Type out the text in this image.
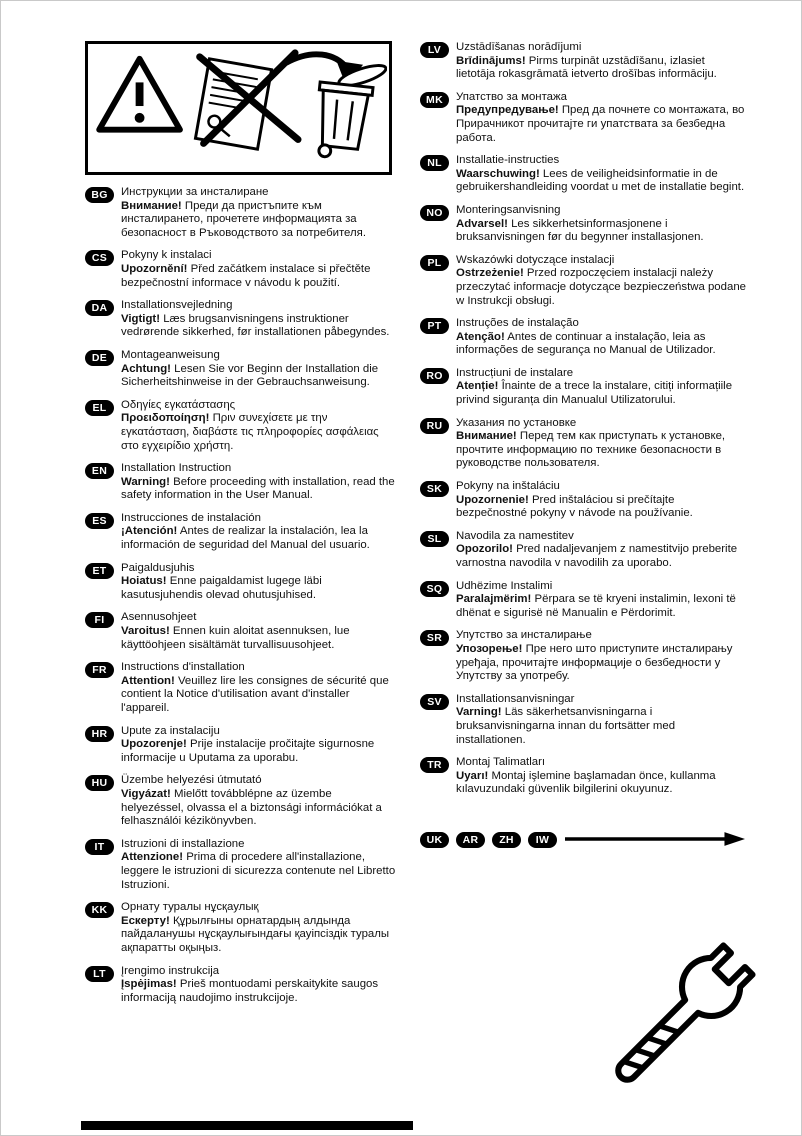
BG	Инструкции за инсталиране

Внимание! Преди да пристъпите към инсталирането, прочетете информацията за безопасност в Ръководството за потребителя.

CS	Pokyny k instalaci

Upozornění! Před začátkem instalace si přečtěte bezpečnostní informace v návodu k použití.

DA	Installationsvejledning

Vigtigt! Læs brugsanvisningens instruktioner vedrørende sikkerhed, før installationen påbegyndes.

DE	Montageanweisung

Achtung! Lesen Sie vor Beginn der Installation die Sicherheitshinweise in der Gebrauchsanweisung.

EL	Οδηγίες εγκατάστασης

Προειδοποίηση! Πριν συνεχίσετε με την εγκατάσταση, διαβάστε τις πληροφορίες ασφάλειας στο εγχειρίδιο χρήστη.

EN	Installation Instruction

Warning! Before proceeding with installation, read the safety information in the User Manual.

ES	Instrucciones de instalación

¡Atención! Antes de realizar la instalación, lea la información de seguridad del Manual del usuario.

ET	Paigaldusjuhis

Hoiatus! Enne paigaldamist lugege läbi kasutusjuhendis olevad ohutusjuhised.

FI	Asennusohjeet

Varoitus! Ennen kuin aloitat asennuksen, lue käyttöohjeen sisältämät turvallisuusohjeet.

FR	Instructions d'installation

Attention! Veuillez lire les consignes de sécurité que contient la Notice d'utilisation avant d'installer l'appareil.

HR	Upute za instalaciju

Upozorenje! Prije instalacije pročitajte sigurnosne informacije u Uputama za uporabu.

HU	Üzembe helyezési útmutató

Vigyázat! Mielőtt továbblépne az üzembe helyezéssel, olvassa el a biztonsági információkat a felhasználói kézikönyvben.

IT	Istruzioni di installazione

Attenzione! Prima di procedere all'installazione, leggere le istruzioni di sicurezza contenute nel Libretto Istruzioni.

KK	Орнату туралы нұсқаулық

Ескерту! Құрылғыны орнатардың алдында пайдаланушы нұсқаулығындағы қауіпсіздік туралы ақпаратты оқыңыз.

LT	Įrengimo instrukcija

Įspėjimas! Prieš montuodami perskaitykite saugos informaciją naudojimo instrukcijoje.

LV	Uzstādīšanas norādījumi

Brīdinājums! Pirms turpināt uzstādīšanu, izlasiet lietotāja rokasgrāmatā ietverto drošības informāciju.

MK	Упатство за монтажа

Предупредување! Пред да почнете со монтажата, во Прирачникот прочитајте ги упатствата за безбедна работа.

NL	Installatie-instructies

Waarschuwing! Lees de veiligheidsinformatie in de gebruikershandleiding voordat u met de installatie begint.

NO	Monteringsanvisning

Advarsel! Les sikkerhetsinformasjonene i bruksanvisningen før du begynner installasjonen.

PL	Wskazówki dotyczące instalacji

Ostrzeżenie! Przed rozpoczęciem instalacji należy przeczytać informacje dotyczące bezpieczeństwa podane w Instrukcji obsługi.

PT	Instruções de instalação

Atenção! Antes de continuar a instalação, leia as informações de segurança no Manual de Utilizador.

RO	Instrucțiuni de instalare

Atenție! Înainte de a trece la instalare, citiți informațiile privind siguranța din Manualul Utilizatorului.

RU	Указания по установке

Внимание! Перед тем как приступать к установке, прочтите информацию по технике безопасности в руководстве пользователя.

SK	Pokyny na inštaláciu

Upozornenie! Pred inštaláciou si prečítajte bezpečnostné pokyny v návode na používanie.

SL	Navodila za namestitev

Opozorilo! Pred nadaljevanjem z namestitvijo preberite varnostna navodila v navodilih za uporabo.

SQ	Udhëzime Instalimi

Paralajmërim! Përpara se të kryeni instalimin, lexoni të dhënat e sigurisë në Manualin e Përdorimit.

SR	Упутство за инсталирање

Упозорење! Пре него што приступите инсталирању уређаја, прочитајте информације о безбедности у Упутству за употребу.

SV	Installationsanvisningar

Varning! Läs säkerhetsanvisningarna i bruksanvisningarna innan du fortsätter med installationen.

TR	Montaj Talimatları

Uyarı! Montaj işlemine başlamadan önce, kullanma kılavuzundaki güvenlik bilgilerini okuyunuz.

UK	AR	ZH	IW
